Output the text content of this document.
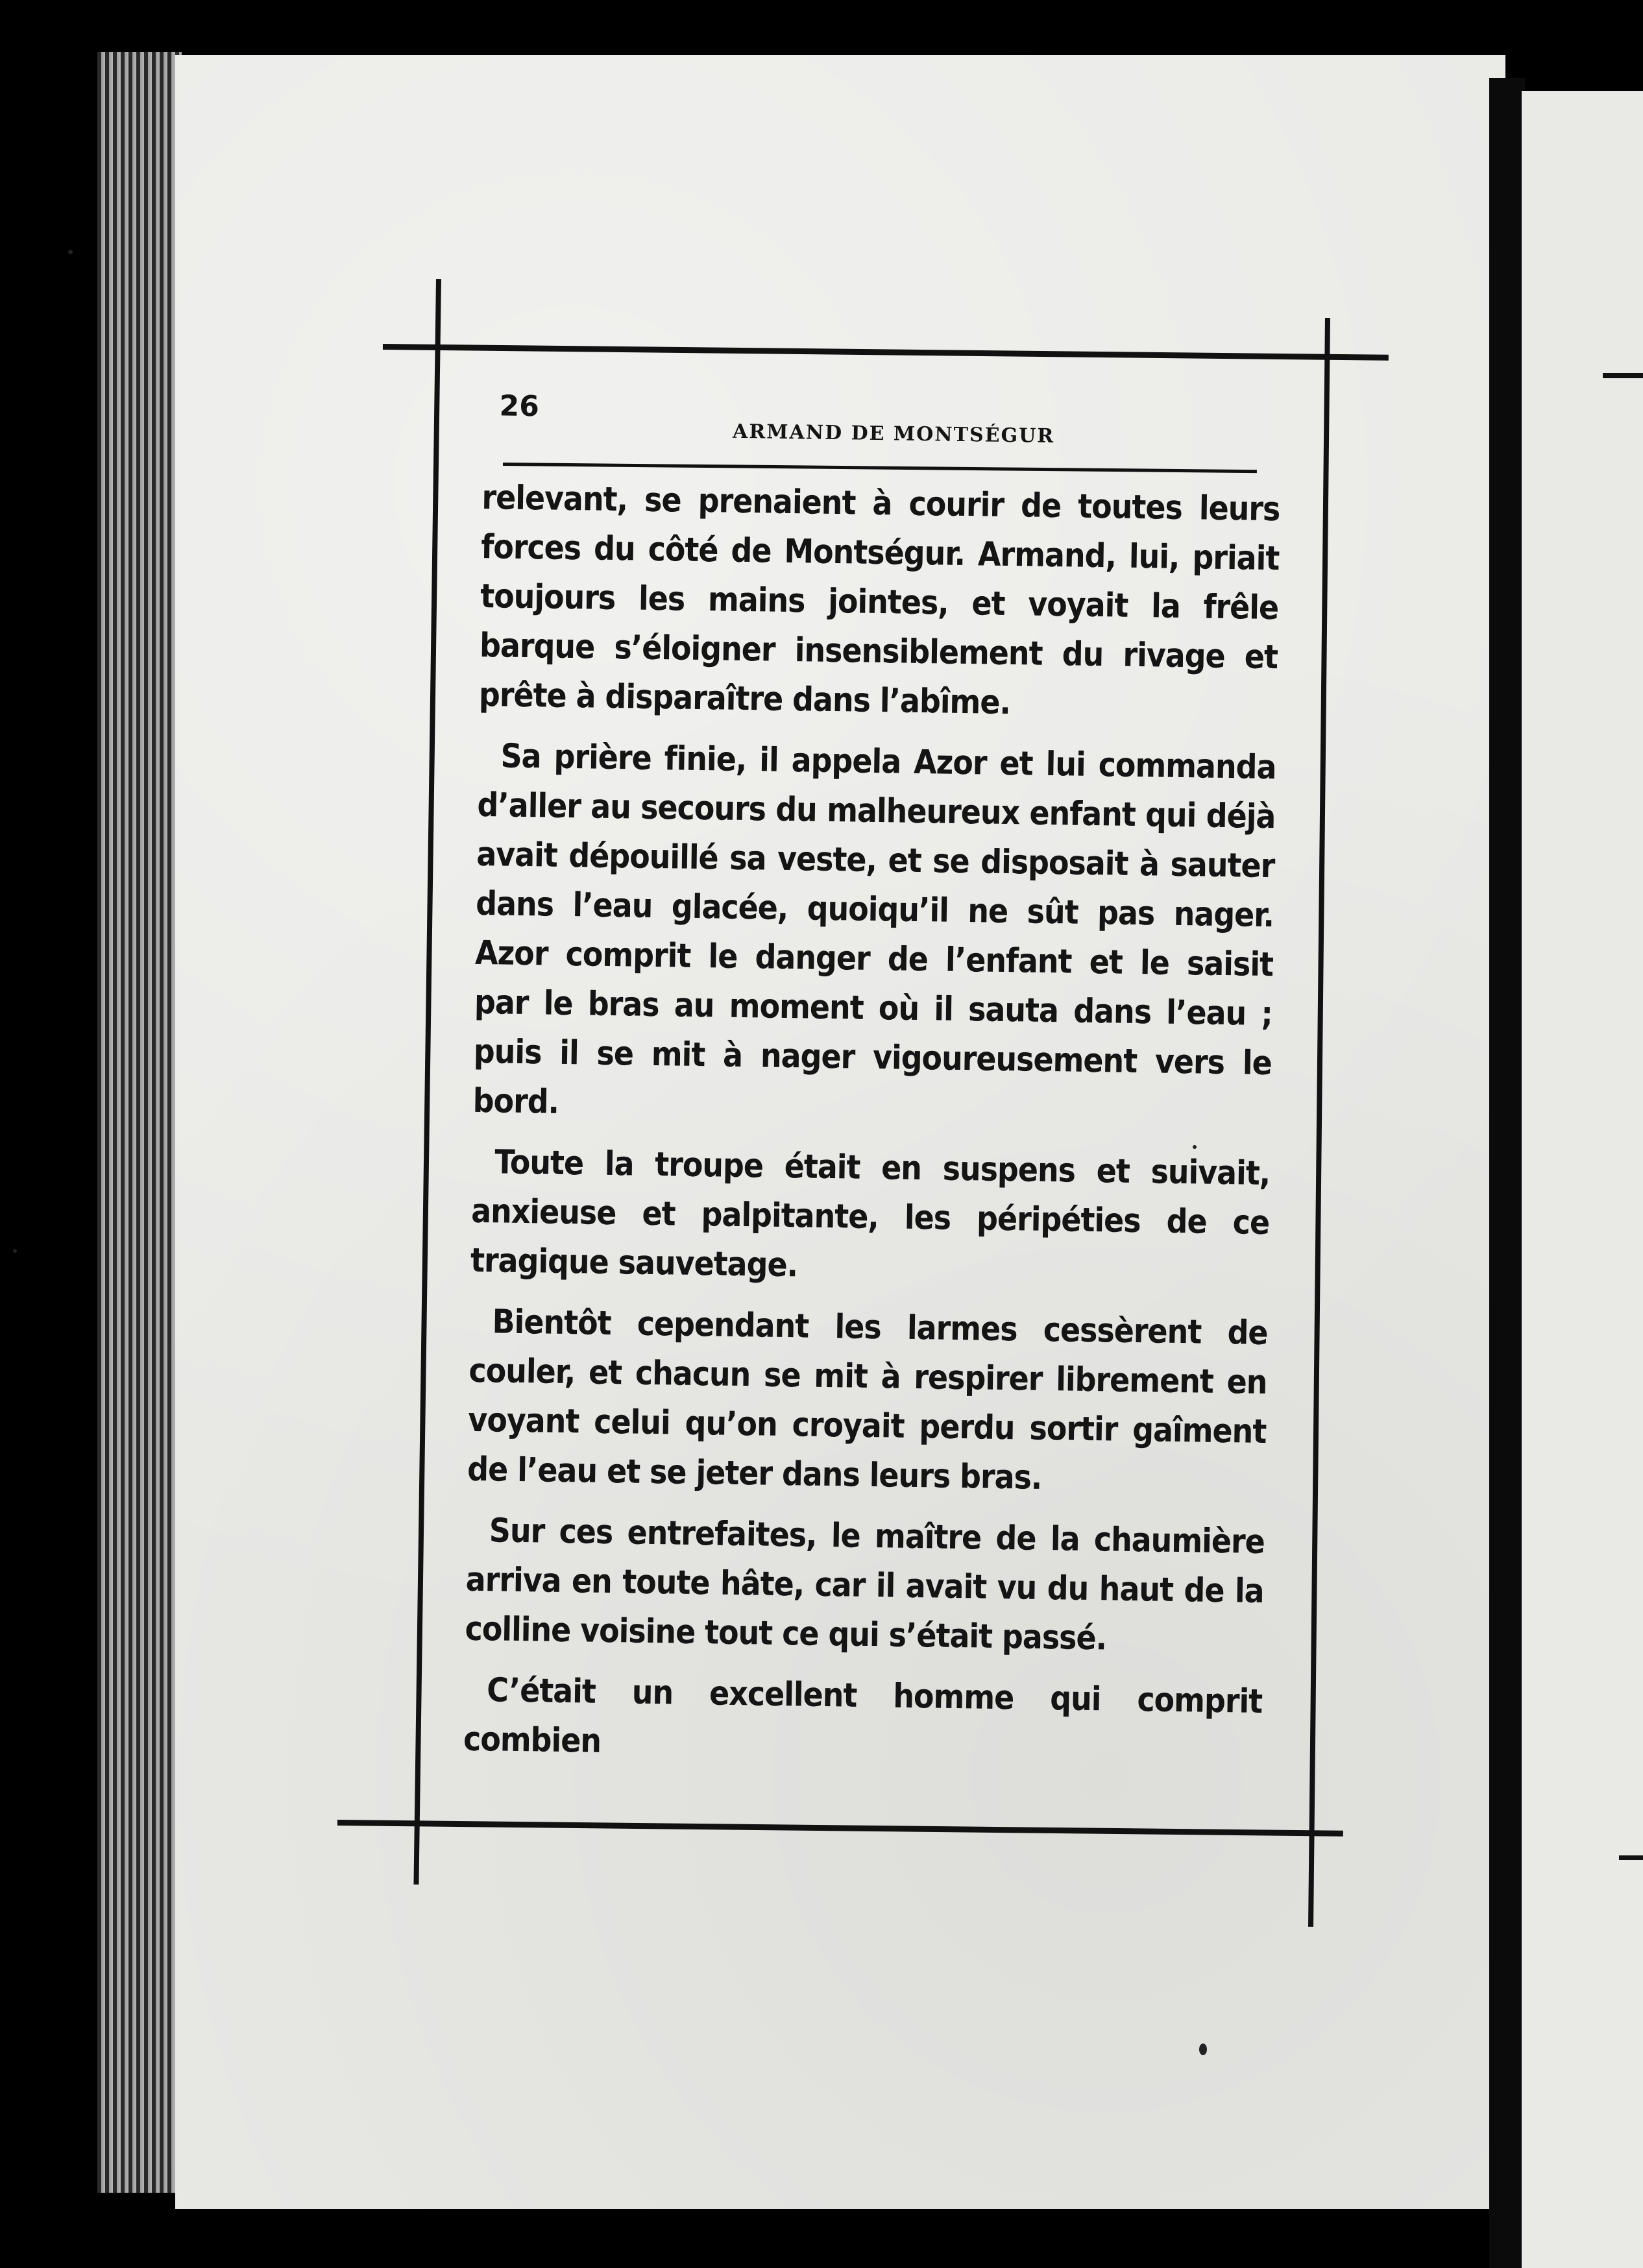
26
ARMAND DE MONTSÉGUR

relevant, se prenaient à courir de toutes leurs forces du côté de Montségur. Armand, lui, priait toujours les mains jointes, et voyait la frêle barque s’éloigner insensiblement du rivage et prête à disparaître dans l’abîme.

Sa prière finie, il appela Azor et lui commanda d’aller au secours du malheureux enfant qui déjà avait dépouillé sa veste, et se disposait à sauter dans l’eau glacée, quoiqu’il ne sût pas nager. Azor comprit le danger de l’enfant et le saisit par le bras au moment où il sauta dans l’eau ; puis il se mit à nager vigoureusement vers le bord.

Toute la troupe était en suspens et suivait, anxieuse et palpitante, les péripéties de ce tragique sauvetage.

Bientôt cependant les larmes cessèrent de couler, et chacun se mit à respirer librement en voyant celui qu’on croyait perdu sortir gaîment de l’eau et se jeter dans leurs bras.

Sur ces entrefaites, le maître de la chaumière arriva en toute hâte, car il avait vu du haut de la colline voisine tout ce qui s’était passé.

C’était un excellent homme qui comprit combien
